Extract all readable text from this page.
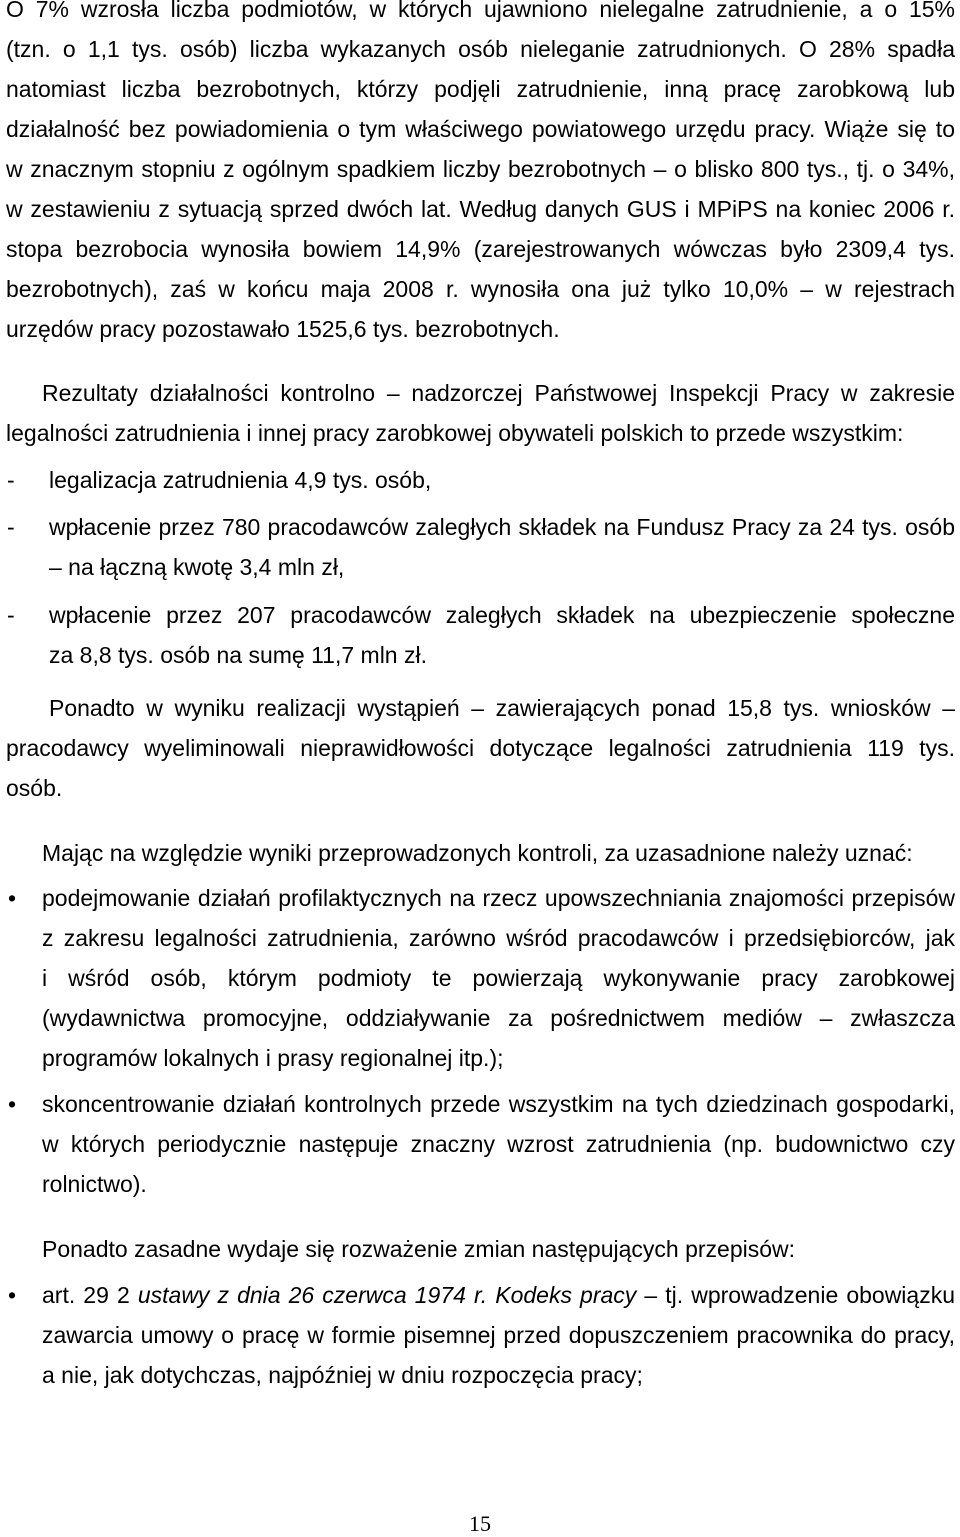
O 7% wzrosła liczba podmiotów, w których ujawniono nielegalne zatrudnienie, a o 15%
(tzn. o 1,1 tys. osób) liczba wykazanych osób nieleganie zatrudnionych. O 28% spadła
natomiast liczba bezrobotnych, którzy podjęli zatrudnienie, inną pracę zarobkową lub
działalność bez powiadomienia o tym właściwego powiatowego urzędu pracy. Wiąże się to
w znacznym stopniu z ogólnym spadkiem liczby bezrobotnych – o blisko 800 tys., tj. o 34%,
w zestawieniu z sytuacją sprzed dwóch lat. Według danych GUS i MPiPS na koniec 2006 r.
stopa bezrobocia wynosiła bowiem 14,9% (zarejestrowanych wówczas było 2309,4 tys.
bezrobotnych), zaś w końcu maja 2008 r. wynosiła ona już tylko 10,0% – w rejestrach
urzędów pracy pozostawało 1525,6 tys. bezrobotnych.
Rezultaty działalności kontrolno – nadzorczej Państwowej Inspekcji Pracy w zakresie
legalności zatrudnienia i innej pracy zarobkowej obywateli polskich to przede wszystkim:
- legalizacja zatrudnienia 4,9 tys. osób,
- wpłacenie przez 780 pracodawców zaległych składek na Fundusz Pracy za 24 tys. osób
– na łączną kwotę 3,4 mln zł,
- wpłacenie przez 207 pracodawców zaległych składek na ubezpieczenie społeczne
za 8,8 tys. osób na sumę 11,7 mln zł.
Ponadto w wyniku realizacji wystąpień – zawierających ponad 15,8 tys. wniosków –
pracodawcy wyeliminowali nieprawidłowości dotyczące legalności zatrudnienia 119 tys.
osób.
Mając na względzie wyniki przeprowadzonych kontroli, za uzasadnione należy uznać:
• podejmowanie działań profilaktycznych na rzecz upowszechniania znajomości przepisów
z zakresu legalności zatrudnienia, zarówno wśród pracodawców i przedsiębiorców, jak
i wśród osób, którym podmioty te powierzają wykonywanie pracy zarobkowej
(wydawnictwa promocyjne, oddziaływanie za pośrednictwem mediów – zwłaszcza
programów lokalnych i prasy regionalnej itp.);
• skoncentrowanie działań kontrolnych przede wszystkim na tych dziedzinach gospodarki,
w których periodycznie następuje znaczny wzrost zatrudnienia (np. budownictwo czy
rolnictwo).
Ponadto zasadne wydaje się rozważenie zmian następujących przepisów:
• art. 29 2 ustawy z dnia 26 czerwca 1974 r. Kodeks pracy – tj. wprowadzenie obowiązku
zawarcia umowy o pracę w formie pisemnej przed dopuszczeniem pracownika do pracy,
a nie, jak dotychczas, najpóźniej w dniu rozpoczęcia pracy;
15
